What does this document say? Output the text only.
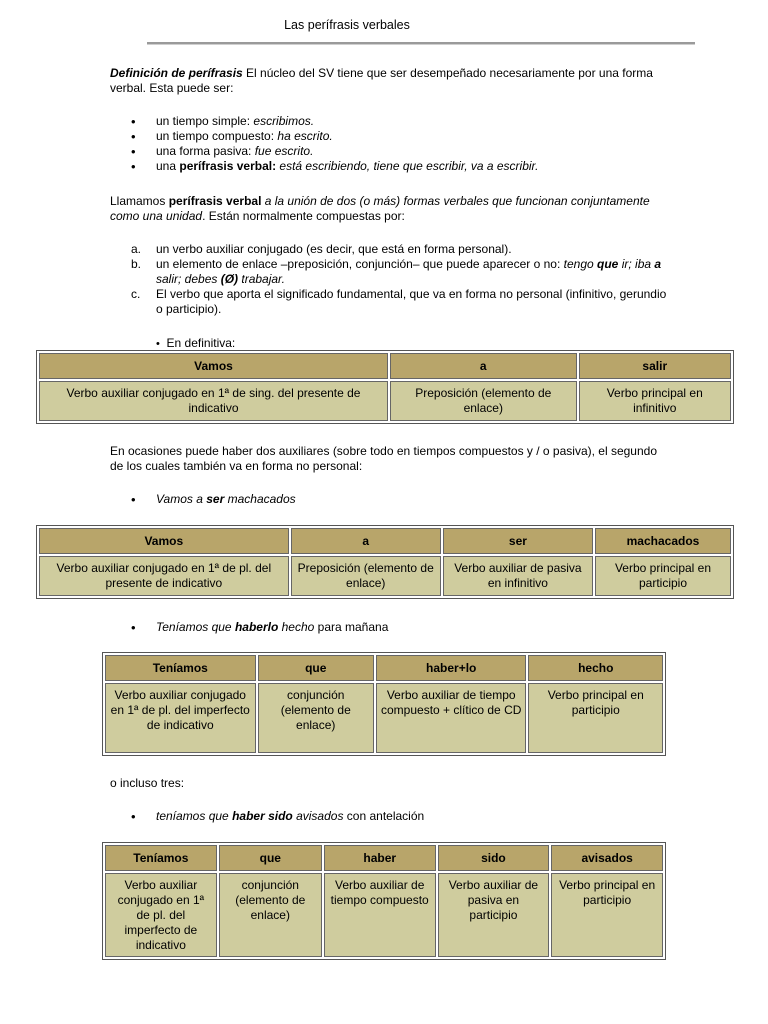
Las perífrasis verbales

Definición de perífrasis El núcleo del SV tiene que ser desempeñado necesariamente por una forma verbal. Esta puede ser:

• un tiempo simple: escribimos.
• un tiempo compuesto: ha escrito.
• una forma pasiva: fue escrito.
• una perífrasis verbal: está escribiendo, tiene que escribir, va a escribir.

Llamamos perífrasis verbal a la unión de dos (o más) formas verbales que funcionan conjuntamente como una unidad. Están normalmente compuestas por:

a. un verbo auxiliar conjugado (es decir, que está en forma personal).
b. un elemento de enlace –preposición, conjunción– que puede aparecer o no: tengo que ir; iba a salir; debes (Ø) trabajar.
c. El verbo que aporta el significado fundamental, que va en forma no personal (infinitivo, gerundio o participio).
• En definitiva:
Vamos	a	salir
Verbo auxiliar conjugado en 1ª de sing. del presente de indicativo	Preposición (elemento de enlace)	Verbo principal en infinitivo

En ocasiones puede haber dos auxiliares (sobre todo en tiempos compuestos y / o pasiva), el segundo de los cuales también va en forma no personal:

• Vamos a ser machacados
Vamos	a	ser	machacados
Verbo auxiliar conjugado en 1ª de pl. del presente de indicativo	Preposición (elemento de enlace)	Verbo auxiliar de pasiva en infinitivo	Verbo principal en participio
• Teníamos que haberlo hecho para mañana
Teníamos	que	haber+lo	hecho
Verbo auxiliar conjugado en 1ª de pl. del imperfecto de indicativo	conjunción (elemento de enlace)	Verbo auxiliar de tiempo compuesto + clítico de CD	Verbo principal en participio

o incluso tres:

• teníamos que haber sido avisados con antelación
Teníamos	que	haber	sido	avisados
Verbo auxiliar conjugado en 1ª de pl. del imperfecto de indicativo	conjunción (elemento de enlace)	Verbo auxiliar de tiempo compuesto	Verbo auxiliar de pasiva en participio	Verbo principal en participio
